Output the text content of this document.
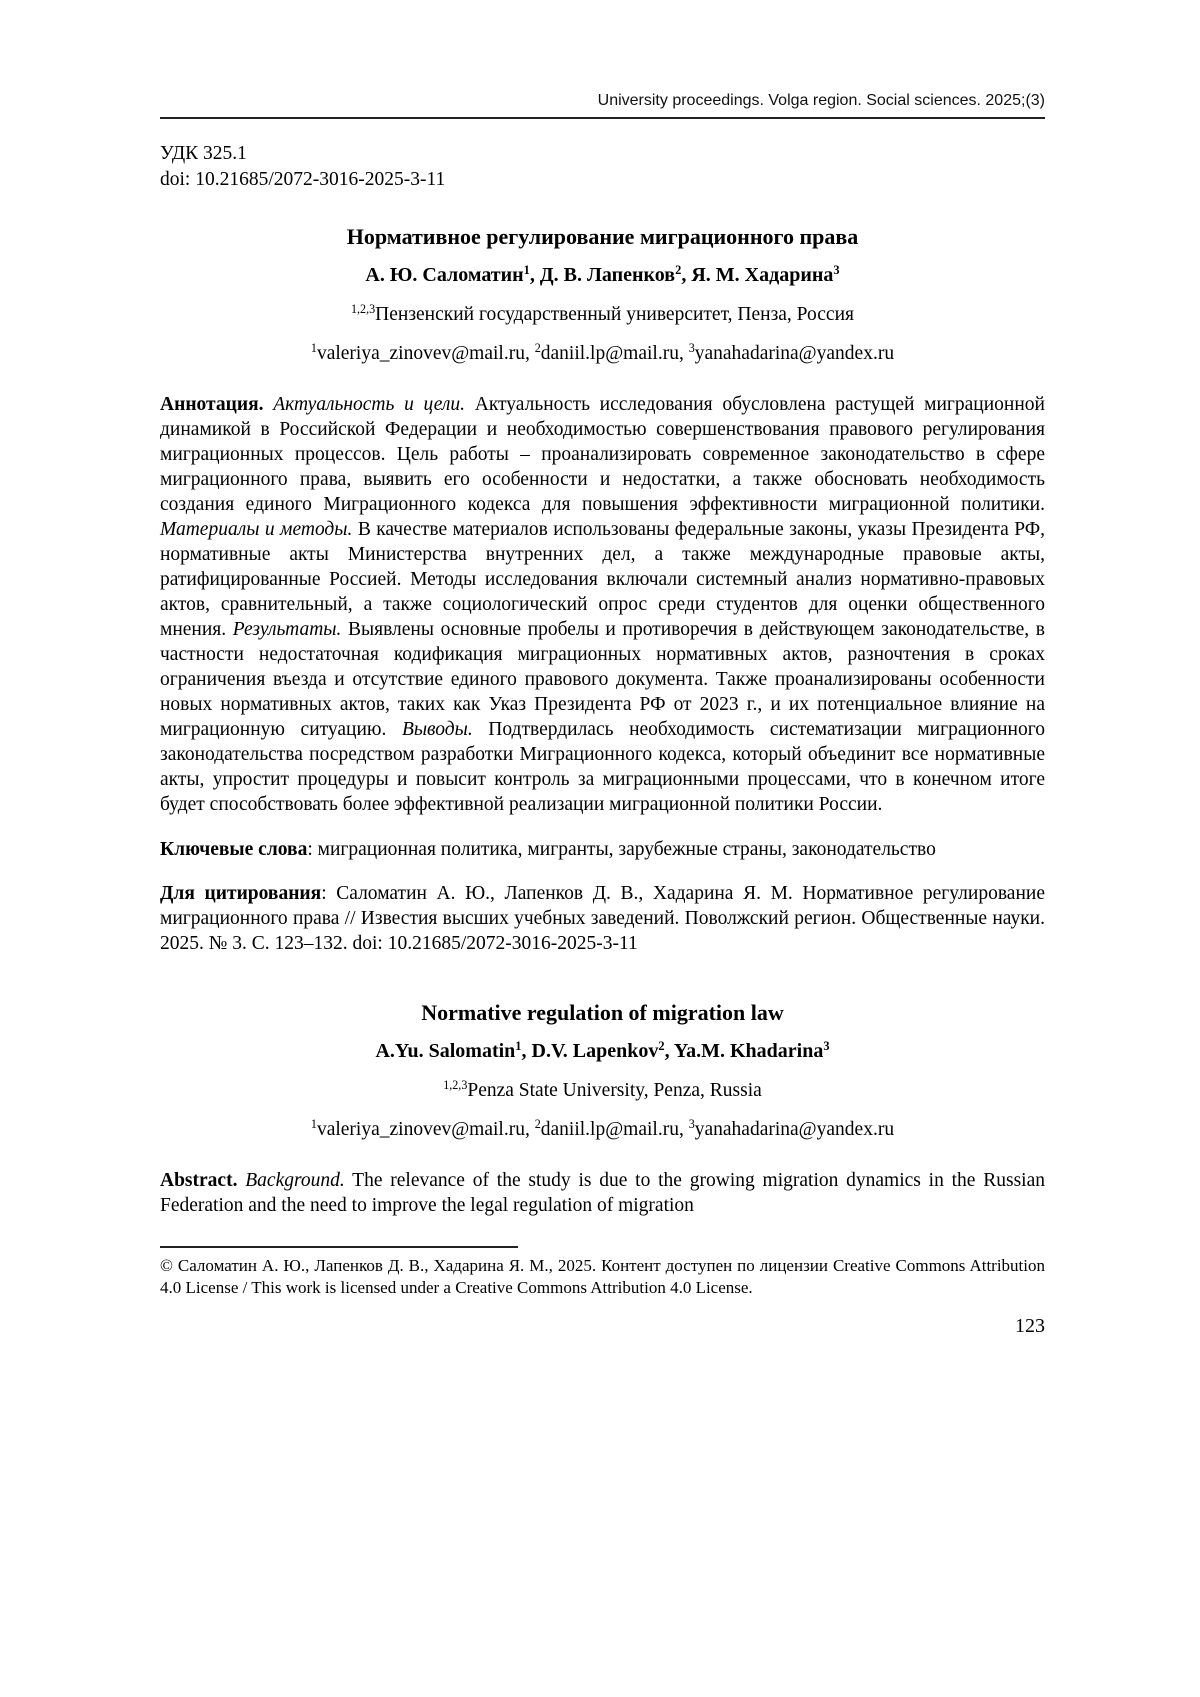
University proceedings. Volga region. Social sciences. 2025;(3)
УДК 325.1
doi: 10.21685/2072-3016-2025-3-11
Нормативное регулирование миграционного права
А. Ю. Саломатин$^1$, Д. В. Лапенков$^2$, Я. М. Хадарина$^3$
$^{1,2,3}$Пензенский государственный университет, Пенза, Россия
$^1$valeriya_zinovev@mail.ru, $^2$daniil.lp@mail.ru, $^3$yanahadarina@yandex.ru

Аннотация. Актуальность и цели. Актуальность исследования обусловлена растущей миграционной динамикой в Российской Федерации и необходимостью совершенствования правового регулирования миграционных процессов. Цель работы – проанализировать современное законодательство в сфере миграционного права, выявить его особенности и недостатки, а также обосновать необходимость создания единого Миграционного кодекса для повышения эффективности миграционной политики. Материалы и методы. В качестве материалов использованы федеральные законы, указы Президента РФ, нормативные акты Министерства внутренних дел, а также международные правовые акты, ратифицированные Россией. Методы исследования включали системный анализ нормативно-правовых актов, сравнительный, а также социологический опрос среди студентов для оценки общественного мнения. Результаты. Выявлены основные пробелы и противоречия в действующем законодательстве, в частности недостаточная кодификация миграционных нормативных актов, разночтения в сроках ограничения въезда и отсутствие единого правового документа. Также проанализированы особенности новых нормативных актов, таких как Указ Президента РФ от 2023 г., и их потенциальное влияние на миграционную ситуацию. Выводы. Подтвердилась необходимость систематизации миграционного законодательства посредством разработки Миграционного кодекса, который объединит все нормативные акты, упростит процедуры и повысит контроль за миграционными процессами, что в конечном итоге будет способствовать более эффективной реализации миграционной политики России.

Ключевые слова: миграционная политика, мигранты, зарубежные страны, законодательство

Для цитирования: Саломатин А. Ю., Лапенков Д. В., Хадарина Я. М. Нормативное регулирование миграционного права // Известия высших учебных заведений. Поволжский регион. Общественные науки. 2025. № 3. С. 123–132. doi: 10.21685/2072-3016-2025-3-11

Normative regulation of migration law
A.Yu. Salomatin$^1$, D.V. Lapenkov$^2$, Ya.M. Khadarina$^3$
$^{1,2,3}$Penza State University, Penza, Russia
$^1$valeriya_zinovev@mail.ru, $^2$daniil.lp@mail.ru, $^3$yanahadarina@yandex.ru

Abstract. Background. The relevance of the study is due to the growing migration dynamics in the Russian Federation and the need to improve the legal regulation of migration

© Саломатин А. Ю., Лапенков Д. В., Хадарина Я. М., 2025. Контент доступен по лицензии Creative Commons Attribution 4.0 License / This work is licensed under a Creative Commons Attribution 4.0 License.
123
